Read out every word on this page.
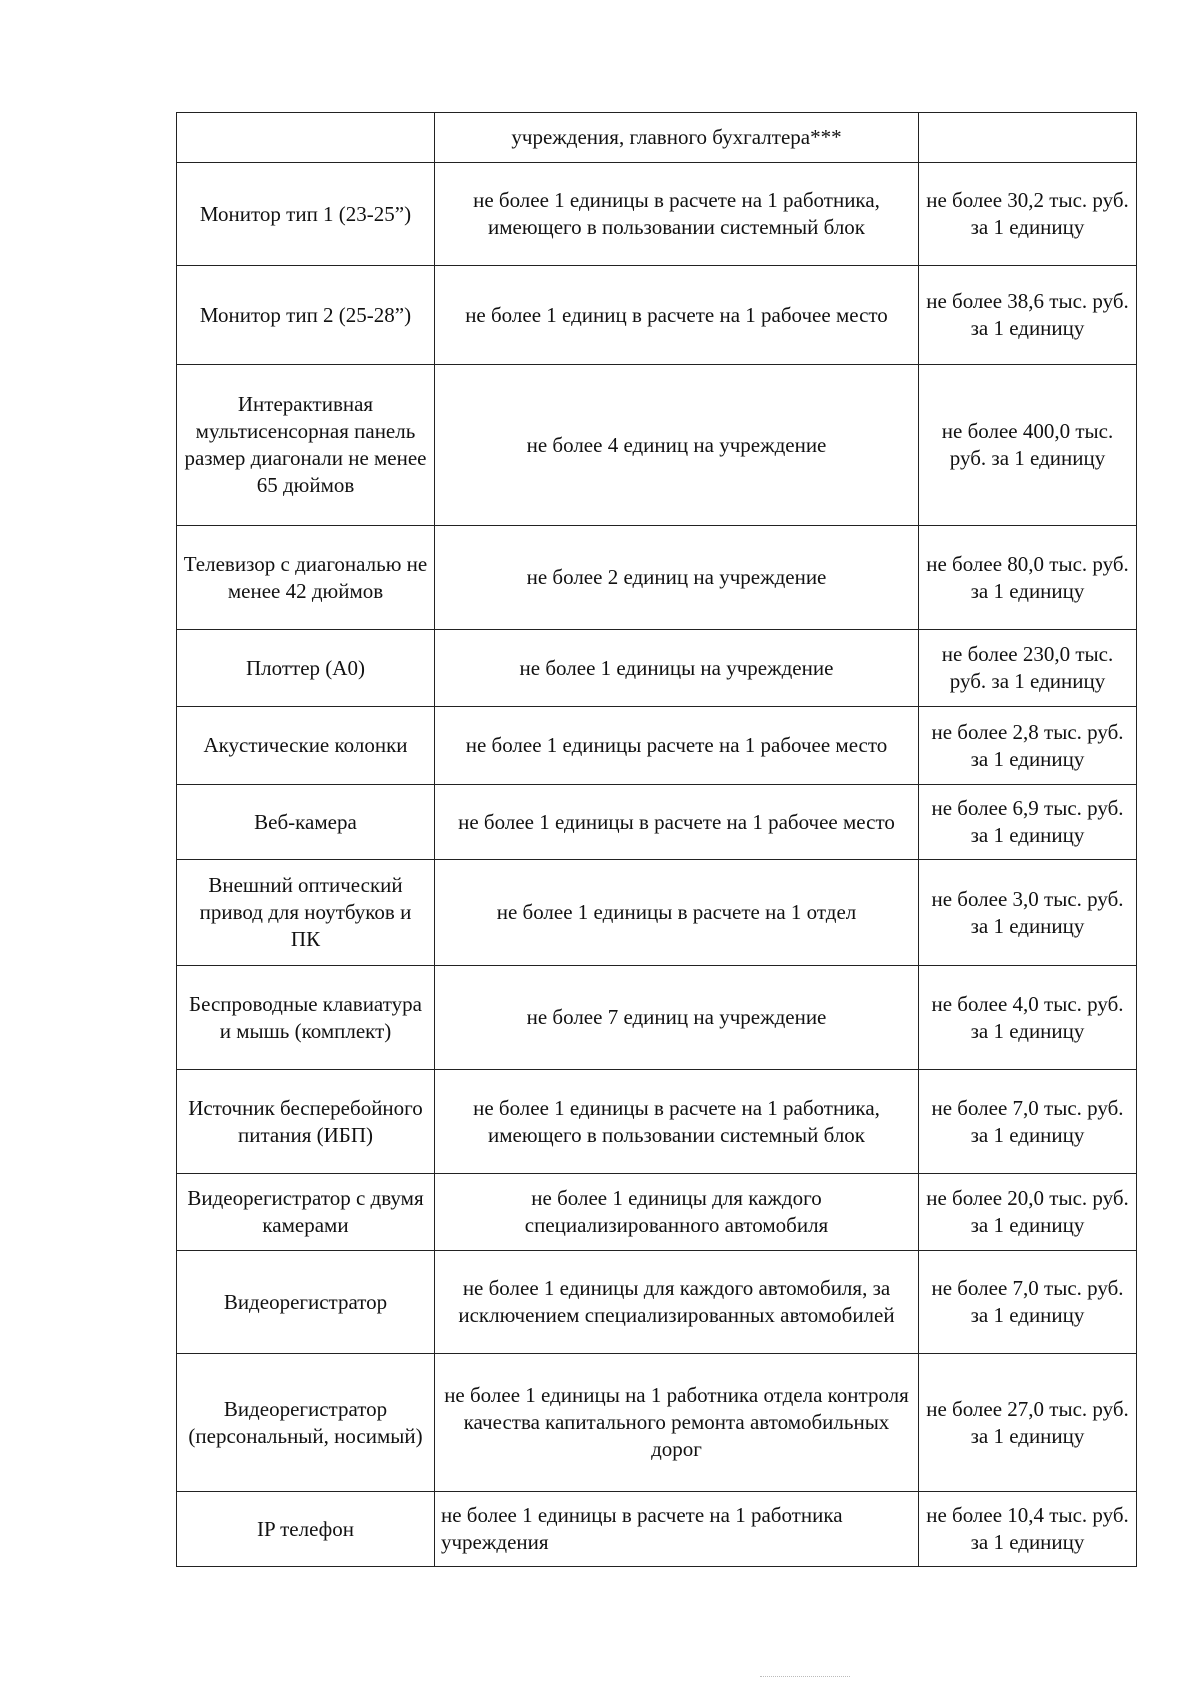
	учреждения, главного бухгалтера***	
Монитор тип 1 (23-25”)	не более 1 единицы в расчете на 1 работника, имеющего в пользовании системный блок	не более 30,2 тыс. руб. за 1 единицу
Монитор тип 2 (25-28”)	не более 1 единиц в расчете на 1 рабочее место	не более 38,6 тыс. руб. за 1 единицу
Интерактивная мультисенсорная панель размер диагонали не менее 65 дюймов	не более 4 единиц на учреждение	не более 400,0 тыс. руб. за 1 единицу
Телевизор с диагональю не менее 42 дюймов	не более 2 единиц на учреждение	не более 80,0 тыс. руб. за 1 единицу
Плоттер (А0)	не более 1 единицы на учреждение	не более 230,0 тыс. руб. за 1 единицу
Акустические колонки	не более 1 единицы расчете на 1 рабочее место	не более 2,8 тыс. руб. за 1 единицу
Веб-камера	не более 1 единицы в расчете на 1 рабочее место	не более 6,9 тыс. руб. за 1 единицу
Внешний оптический привод для ноутбуков и ПК	не более 1 единицы в расчете на 1 отдел	не более 3,0 тыс. руб. за 1 единицу
Беспроводные клавиатура и мышь (комплект)	не более 7 единиц на учреждение	не более 4,0 тыс. руб. за 1 единицу
Источник бесперебойного питания (ИБП)	не более 1 единицы в расчете на 1 работника, имеющего в пользовании системный блок	не более 7,0 тыс. руб. за 1 единицу
Видеорегистратор с двумя камерами	не более 1 единицы для каждого специализированного автомобиля	не более 20,0 тыс. руб. за 1 единицу
Видеорегистратор	не более 1 единицы для каждого автомобиля, за исключением специализированных автомобилей	не более 7,0 тыс. руб. за 1 единицу
Видеорегистратор (персональный, носимый)	не более 1 единицы на 1 работника отдела контроля качества капитального ремонта автомобильных дорог	не более 27,0 тыс. руб. за 1 единицу
IP телефон	не более 1 единицы в расчете на 1 работника учреждения	не более 10,4 тыс. руб. за 1 единицу
